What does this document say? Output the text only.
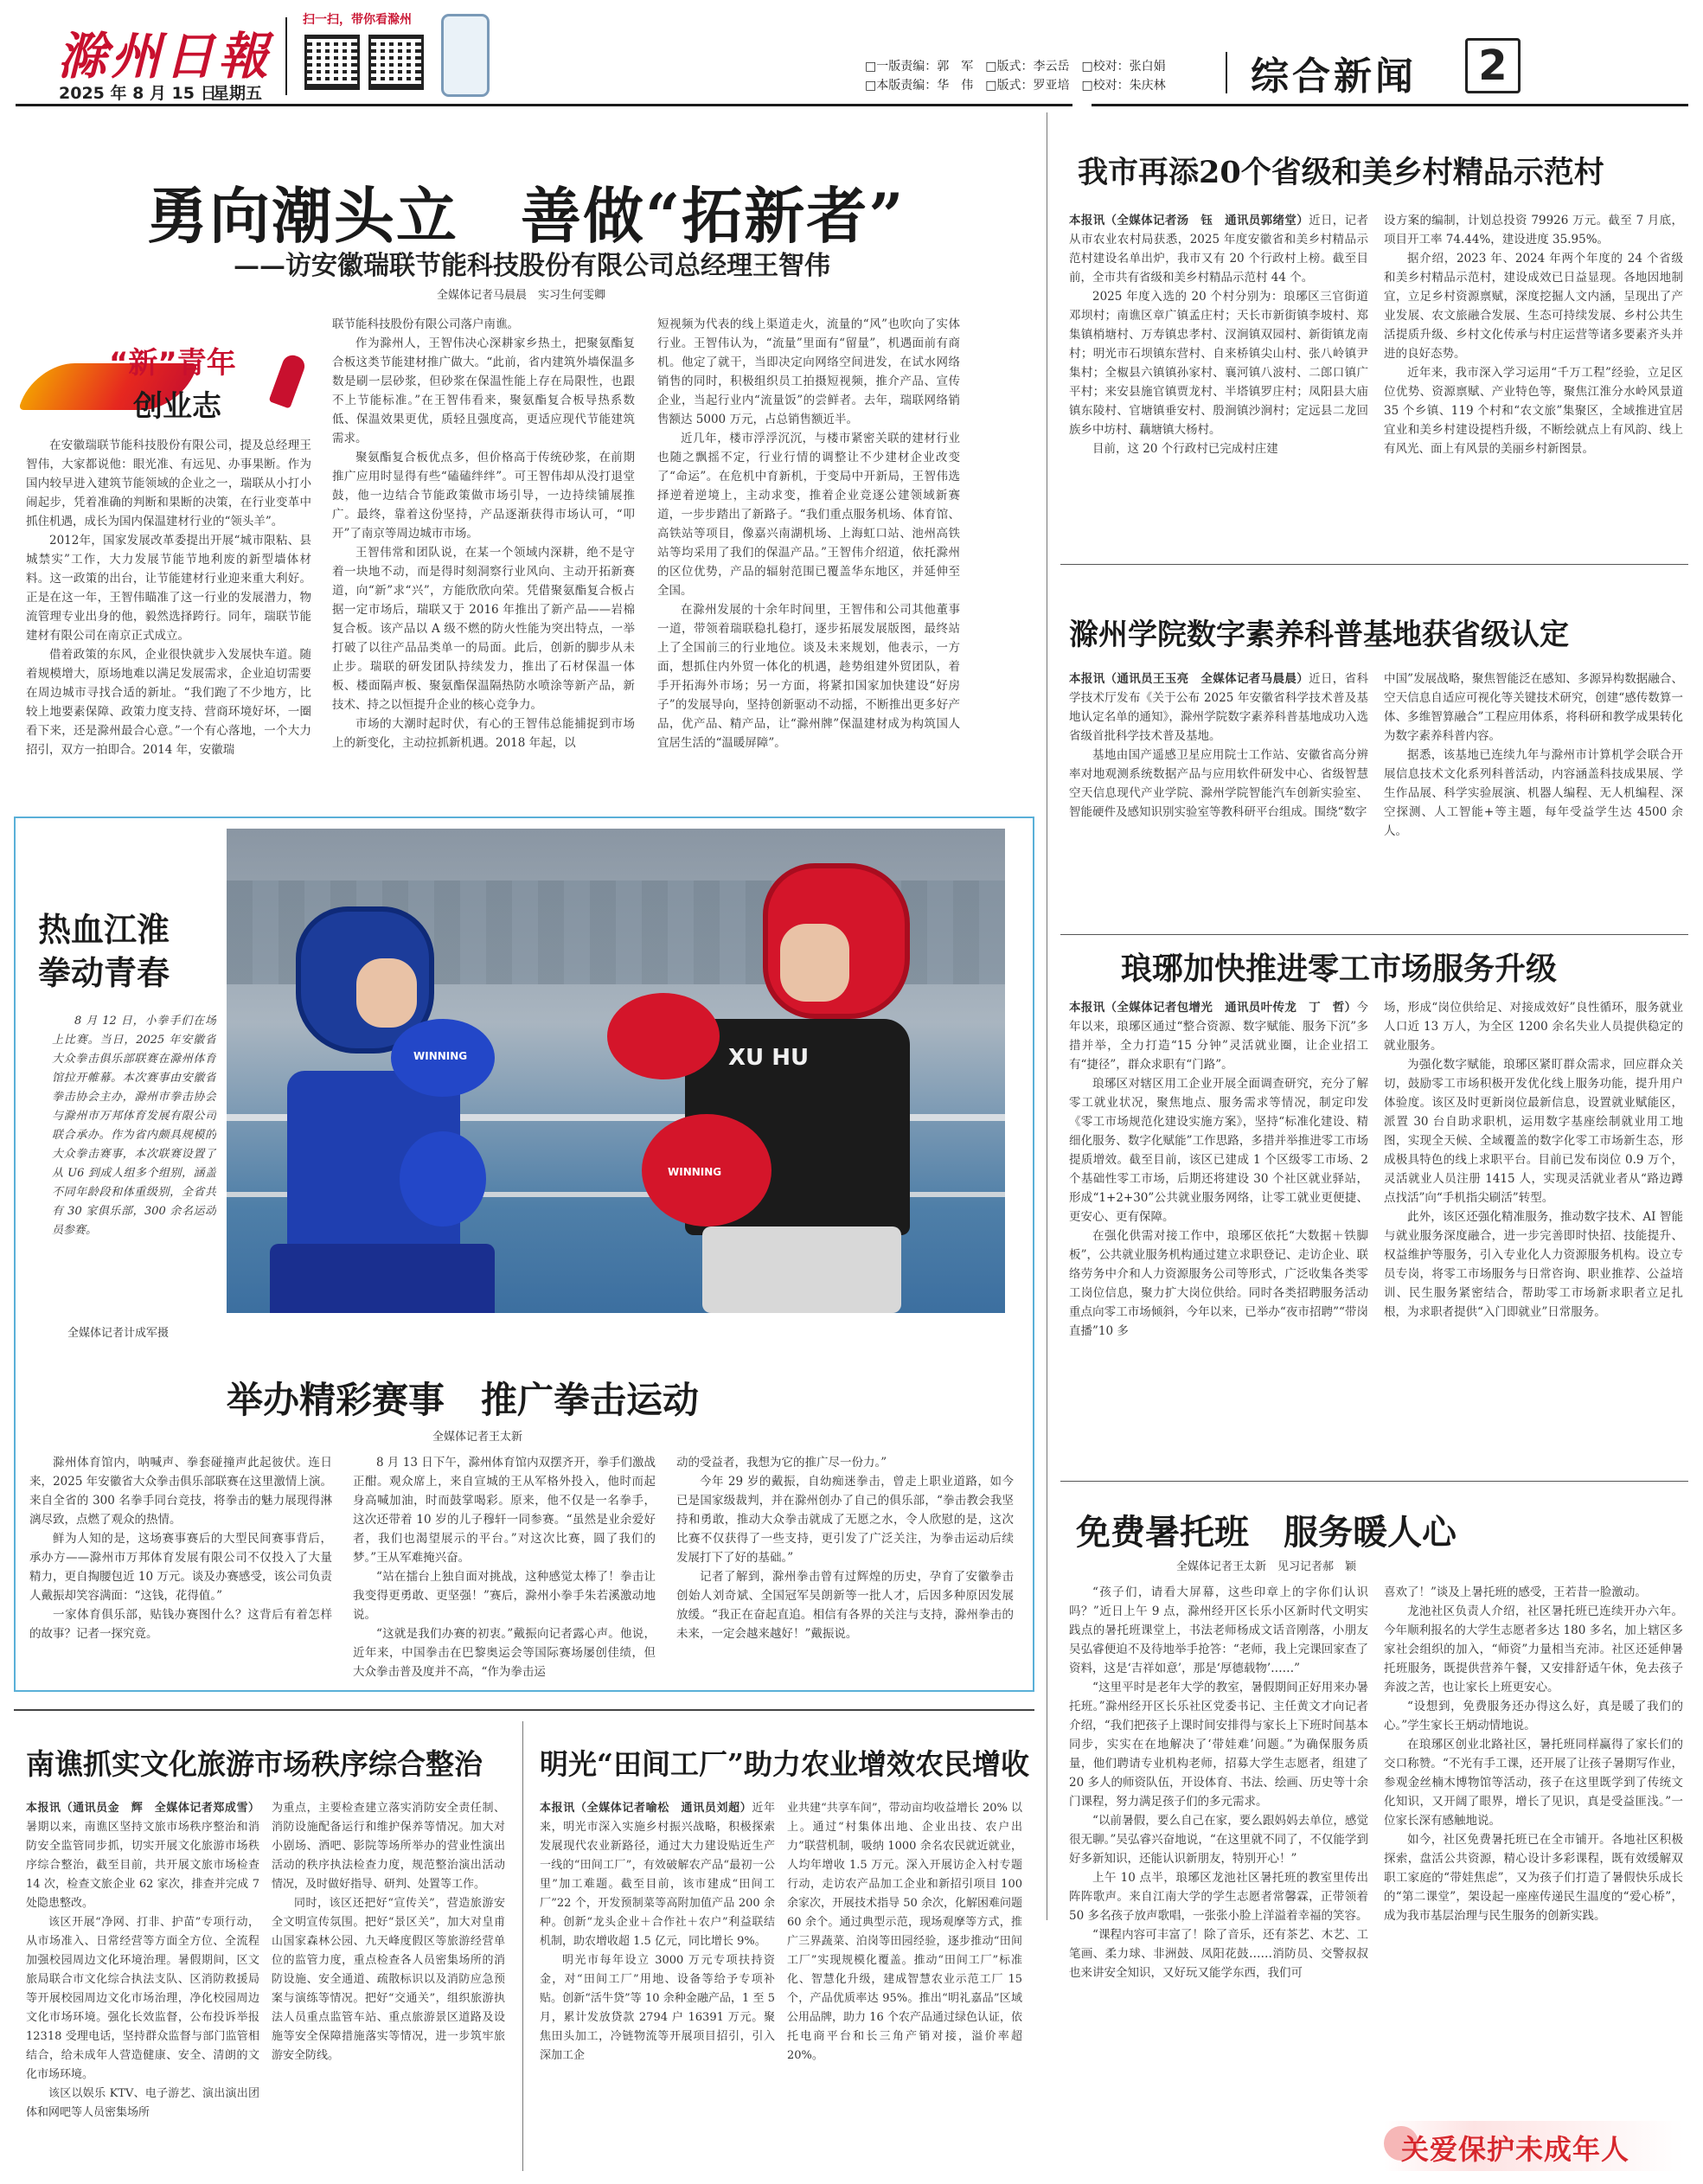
滁州日報
2025 年 8 月 15 日
星期五
扫一扫，带你看滁州
□一版责编：郭　军　□版式：李云岳　□校对：张白娟
□本版责编：华　伟　□版式：罗亚培　□校对：朱庆林 综合新闻	2
勇向潮头立　善做“拓新者”
——访安徽瑞联节能科技股份有限公司总经理王智伟
全媒体记者马晨晨　实习生何雯卿
“新”青年
创业志

在安徽瑞联节能科技股份有限公司，提及总经理王智伟，大家都说他：眼光准、有远见、办事果断。作为国内较早进入建筑节能领域的企业之一，瑞联从小打小闹起步，凭着准确的判断和果断的决策，在行业变革中抓住机遇，成长为国内保温建材行业的“领头羊”。

2012年，国家发展改革委提出开展“城市限粘、县城禁实”工作，大力发展节能节地利废的新型墙体材料。这一政策的出台，让节能建材行业迎来重大利好。正是在这一年，王智伟瞄准了这一行业的发展潜力，物流管理专业出身的他，毅然选择跨行。同年，瑞联节能建材有限公司在南京正式成立。

借着政策的东风，企业很快就步入发展快车道。随着规模增大，原场地难以满足发展需求，企业迫切需要在周边城市寻找合适的新址。“我们跑了不少地方，比较上地要素保障、政策力度支持、营商环境好坏，一圈看下来，还是滁州最合心意。”一个有心落地，一个大力招引，双方一拍即合。2014 年，安徽瑞

联节能科技股份有限公司落户南谯。

作为滁州人，王智伟决心深耕家乡热土，把聚氨酯复合板这类节能建材推广做大。“此前，省内建筑外墙保温多数是刷一层砂浆，但砂浆在保温性能上存在局限性，也跟不上节能标准。”在王智伟看来，聚氨酯复合板导热系数低、保温效果更优，质轻且强度高，更适应现代节能建筑需求。

聚氨酯复合板优点多，但价格高于传统砂浆，在前期推广应用时显得有些“磕磕绊绊”。可王智伟却从没打退堂鼓，他一边结合节能政策做市场引导，一边持续铺展推广。最终，靠着这份坚持，产品逐渐获得市场认可，“叩开”了南京等周边城市市场。

王智伟常和团队说，在某一个领域内深耕，绝不是守着一块地不动，而是得时刻洞察行业风向、主动开拓新赛道，向“新”求“兴”，方能欣欣向荣。凭借聚氨酯复合板占据一定市场后，瑞联又于 2016 年推出了新产品——岩棉复合板。该产品以 A 级不燃的防火性能为突出特点，一举打破了以往产品品类单一的局面。此后，创新的脚步从未止步。瑞联的研发团队持续发力，推出了石材保温一体板、楼面隔声板、聚氨酯保温隔热防水喷涂等新产品，新技术、持之以恒提升企业的核心竞争力。

市场的大潮时起时伏，有心的王智伟总能捕捉到市场上的新变化，主动拉抓新机遇。2018 年起，以

短视频为代表的线上渠道走火，流量的“风”也吹向了实体行业。王智伟认为，“流量”里面有“留量”，机遇面前有商机。他定了就干，当即决定向网络空间进发，在试水网络销售的同时，积极组织员工拍摄短视频，推介产品、宣传企业，当起行业内“流量饭”的尝鲜者。去年，瑞联网络销售额达 5000 万元，占总销售额近半。

近几年，楼市浮浮沉沉，与楼市紧密关联的建材行业也随之飘摇不定，行业行情的调整让不少建材企业改变了“命运”。在危机中育新机，于变局中开新局，王智伟选择逆着逆境上，主动求变，推着企业竞逐公建领域新赛道，一步步踏出了新路子。“我们重点服务机场、体育馆、高铁站等项目，像嘉兴南湖机场、上海虹口站、池州高铁站等均采用了我们的保温产品。”王智伟介绍道，依托滁州的区位优势，产品的辐射范围已覆盖华东地区，并延伸至全国。

在滁州发展的十余年时间里，王智伟和公司其他董事一道，带领着瑞联稳扎稳打，逐步拓展发展版图，最终站上了全国前三的行业地位。谈及未来规划，他表示，一方面，想抓住内外贸一体化的机遇，趁势组建外贸团队，着手开拓海外市场；另一方面，将紧扣国家加快建设“好房子”的发展导向，坚持创新驱动不动摇，不断推出更多好产品，优产品、精产品，让“滁州牌”保温建材成为构筑国人宜居生活的“温暖屏障”。

我市再添20个省级和美乡村精品示范村

本报讯（全媒体记者汤　钰　通讯员郭绪堂）近日，记者从市农业农村局获悉，2025 年度安徽省和美乡村精品示范村建设名单出炉，我市又有 20 个行政村上榜。截至目前，全市共有省级和美乡村精品示范村 44 个。

2025 年度入选的 20 个村分别为：琅琊区三官街道邓坝村；南谯区章广镇孟庄村；天长市新街镇李坡村、郑集镇梢塘村、万寿镇忠孝村、汊涧镇双园村、新街镇龙南村；明光市石坝镇东营村、自来桥镇尖山村、张八岭镇尹集村；全椒县六镇镇孙家村、襄河镇八波村、二郎口镇广平村；来安县施官镇贾龙村、半塔镇罗庄村；凤阳县大庙镇东陵村、官塘镇垂安村、殷涧镇沙涧村；定远县二龙回族乡中坊村、藕塘镇大杨村。

目前，这 20 个行政村已完成村庄建

设方案的编制，计划总投资 79926 万元。截至 7 月底，项目开工率 74.44%，建设进度 35.95%。

据介绍，2023 年、2024 年两个年度的 24 个省级和美乡村精品示范村，建设成效已日益显现。各地因地制宜，立足乡村资源禀赋，深度挖掘人文内涵，呈现出了产业发展、农文旅融合发展、生态可持续发展、乡村公共生活提质升级、乡村文化传承与村庄运营等诸多要素齐头并进的良好态势。

近年来，我市深入学习运用“千万工程”经验，立足区位优势、资源禀赋、产业特色等，聚焦江淮分水岭风景道 35 个乡镇、119 个村和“农文旅”集聚区，全域推进宜居宜业和美乡村建设提档升级，不断绘就点上有风韵、线上有风光、面上有风景的美丽乡村新图景。

滁州学院数字素养科普基地获省级认定

本报讯（通讯员王玉亮　全媒体记者马晨晨）近日，省科学技术厅发布《关于公布 2025 年安徽省科学技术普及基地认定名单的通知》，滁州学院数字素养科普基地成功入选省级首批科学技术普及基地。

基地由国产遥感卫星应用院士工作站、安徽省高分辨率对地观测系统数据产品与应用软件研发中心、省级智慧空天信息现代产业学院、滁州学院智能汽车创新实验室、智能硬件及感知识别实验室等教科研平台组成。围绕“数字

中国”发展战略，聚焦智能泛在感知、多源异构数据融合、空天信息自适应可视化等关键技术研究，创建“感传数算一体、多维智算融合”工程应用体系，将科研和教学成果转化为数字素养科普内容。

据悉，该基地已连续九年与滁州市计算机学会联合开展信息技术文化系列科普活动，内容涵盖科技成果展、学生作品展、科学实验展演、机器人编程、无人机编程、深空探测、人工智能+等主题，每年受益学生达 4500 余人。

琅琊加快推进零工市场服务升级

本报讯（全媒体记者包增光　通讯员叶传龙　丁　哲）今年以来，琅琊区通过“整合资源、数字赋能、服务下沉”多措并举，全力打造“15 分钟”灵活就业圈，让企业招工有“捷径”，群众求职有“门路”。

琅琊区对辖区用工企业开展全面调查研究，充分了解零工就业状况，聚焦地点、服务需求等情况，制定印发《零工市场规范化建设实施方案》，坚持“标准化建设、精细化服务、数字化赋能”工作思路，多措并举推进零工市场提质增效。截至目前，该区已建成 1 个区级零工市场、2 个基础性零工市场，后期还将建设 30 个社区就业驿站，形成“1+2+30”公共就业服务网络，让零工就业更便捷、更安心、更有保障。

在强化供需对接工作中，琅琊区依托“大数据＋铁脚板”，公共就业服务机构通过建立求职登记、走访企业、联络劳务中介和人力资源服务公司等形式，广泛收集各类零工岗位信息，聚力扩大岗位供给。同时各类招聘服务活动重点向零工市场倾斜，今年以来，已举办“夜市招聘”“带岗直播”10 多

场，形成“岗位供给足、对接成效好”良性循环，服务就业人口近 13 万人，为全区 1200 余名失业人员提供稳定的就业服务。

为强化数字赋能，琅琊区紧盯群众需求，回应群众关切，鼓励零工市场积极开发优化线上服务功能，提升用户体验度。该区及时更新岗位最新信息，设置就业赋能区，派置 30 台自助求职机，运用数字基座绘制就业用工地图，实现全天候、全域覆盖的数字化零工市场新生态，形成极具特色的线上求职平台。目前已发布岗位 0.9 万个，灵活就业人员注册 1415 人，实现灵活就业者从“路边蹲点找活”向“手机指尖刷活”转型。

此外，该区还强化精准服务，推动数字技术、AI 智能与就业服务深度融合，进一步完善即时快招、技能提升、权益维护等服务，引入专业化人力资源服务机构。设立专员专岗，将零工市场服务与日常咨询、职业推荐、公益培训、民生服务紧密结合，帮助零工市场新求职者立足扎根，为求职者提供“入门即就业”日常服务。

热血江淮　拳动青春

8 月 12 日，小拳手们在场上比赛。当日，2025 年安徽省大众拳击俱乐部联赛在滁州体育馆拉开帷幕。本次赛事由安徽省拳击协会主办，滁州市拳击协会与滁州市万邦体育发展有限公司联合承办。作为省内颇具规模的大众拳击赛事，本次联赛设置了从 U6 到成人组多个组别，涵盖不同年龄段和体重级别，全省共有 30 家俱乐部，300 余名运动员参赛。

全媒体记者计成军摄
WINNING	XU HU
WINNING
举办精彩赛事　推广拳击运动
全媒体记者王太新

滁州体育馆内，呐喊声、拳套碰撞声此起彼伏。连日来，2025 年安徽省大众拳击俱乐部联赛在这里激情上演。来自全省的 300 名拳手同台竞技，将拳击的魅力展现得淋漓尽致，点燃了观众的热情。

鲜为人知的是，这场赛事赛后的大型民间赛事背后，承办方——滁州市万邦体育发展有限公司不仅投入了大量精力，更自掏腰包近 10 万元。谈及办赛感受，该公司负责人戴振却笑容满面：“这钱，花得值。”

一家体育俱乐部，贴钱办赛图什么？这背后有着怎样的故事？记者一探究竟。

8 月 13 日下午，滁州体育馆内双摆齐开，拳手们激战正酣。观众席上，来自宣城的王从军格外投入，他时而起身高喊加油，时而鼓掌喝彩。原来，他不仅是一名拳手，这次还带着 10 岁的儿子穆轩一同参赛。“虽然是业余爱好者，我们也渴望展示的平台。”对这次比赛，圆了我们的梦。”王从军难掩兴奋。

“站在擂台上独自面对挑战，这种感觉太棒了！拳击让我变得更勇敢、更坚强！”赛后，滁州小拳手朱若溪激动地说。

“这就是我们办赛的初衷。”戴振向记者露心声。他说，近年来，中国拳击在巴黎奥运会等国际赛场屡创佳绩，但大众拳击普及度并不高，“作为拳击运

动的受益者，我想为它的推广尽一份力。”

今年 29 岁的戴振，自幼痴迷拳击，曾走上职业道路，如今已是国家级裁判，并在滁州创办了自己的俱乐部，“拳击教会我坚持和勇敢，推动大众拳击就成了无愿之水，令人欣慰的是，这次比赛不仅获得了一些支持，更引发了广泛关注，为拳击运动后续发展打下了好的基础。”

记者了解到，滁州拳击曾有过辉煌的历史，孕育了安徽拳击创始人刘奇斌、全国冠军吴朗新等一批人才，后因多种原因发展放缓。“我正在奋起直追。相信有各界的关注与支持，滁州拳击的未来，一定会越来越好！”戴振说。

免费暑托班　服务暖人心
全媒体记者王太新　见习记者郝　颖

“孩子们，请看大屏幕，这些印章上的字你们认识吗？”近日上午 9 点，滁州经开区长乐小区新时代文明实践点的暑托班课堂上，书法老师杨成文话音刚落，小朋友吴弘睿便迫不及待地举手抢答：“老师，我上完课回家查了资料，这是‘吉祥如意’，那是‘厚德载物’……”

“这里平时是老年大学的教室，暑假期间正好用来办暑托班。”滁州经开区长乐社区党委书记、主任黄文才向记者介绍，“我们把孩子上课时间安排得与家长上下班时间基本同步，实实在在地解决了‘带娃难’问题。”为确保服务质量，他们聘请专业机构老师，招募大学生志愿者，组建了 20 多人的师资队伍，开设体育、书法、绘画、历史等十余门课程，努力满足孩子们的多元需求。

“以前暑假，要么自己在家，要么跟妈妈去单位，感觉很无聊。”吴弘睿兴奋地说，“在这里就不同了，不仅能学到好多新知识，还能认识新朋友，特别开心！”

上午 10 点半，琅琊区龙池社区暑托班的教室里传出阵阵歌声。来自江南大学的学生志愿者常馨霖，正带领着 50 多名孩子放声歌唱，一张张小脸上洋溢着幸福的笑容。

“课程内容可丰富了！除了音乐，还有茶艺、木艺、工笔画、柔力球、非洲鼓、凤阳花鼓……消防员、交警叔叔也来讲安全知识，又好玩又能学东西，我们可

喜欢了！”谈及上暑托班的感受，王若昔一脸激动。

龙池社区负责人介绍，社区暑托班已连续开办六年。今年顺利报名的大学生志愿者多达 180 多名，加上辖区多家社会组织的加入，“师资”力量相当充沛。社区还延伸暑托班服务，既提供营养午餐，又安排舒适午休，免去孩子奔波之苦，也让家长上班更安心。

“设想到，免费服务还办得这么好，真是暖了我们的心。”学生家长王炳动情地说。

在琅琊区创业北路社区，暑托班同样赢得了家长们的交口称赞。“不光有手工课，还开展了让孩子暑期写作业，参观金丝楠木博物馆等活动，孩子在这里既学到了传统文化知识，又开阔了眼界，增长了见识，真是受益匪浅。”一位家长深有感触地说。

如今，社区免费暑托班已在全市铺开。各地社区积极探索，盘活公共资源，精心设计多彩课程，既有效缓解双职工家庭的“带娃焦虑”，又为孩子们打造了暑假快乐成长的“第二课堂”，架设起一座座传递民生温度的“爱心桥”，成为我市基层治理与民生服务的创新实践。

关爱保护未成年人
南谯抓实文化旅游市场秩序综合整治

本报讯（通讯员金　辉　全媒体记者郑成雪）暑期以来，南谯区坚持文旅市场秩序整治和消防安全监管同步抓，切实开展文化旅游市场秩序综合整治，截至目前，共开展文旅市场检查 14 次，检查文旅企业 62 家次，排查并完成 7 处隐患整改。

该区开展“净网、打非、护苗”专项行动，从市场准入、日常经营等方面全方位、全流程加强校园周边文化环境治理。暑假期间，区文旅局联合市文化综合执法支队、区消防救援局等开展校园周边文化市场治理，净化校园周边文化市场环境。强化长效监督，公布投诉举报 12318 受理电话，坚持群众监督与部门监管相结合，给未成年人营造健康、安全、清朗的文化市场环境。

该区以娱乐 KTV、电子游艺、演出演出团体和网吧等人员密集场所

为重点，主要检查建立落实消防安全责任制、消防设施配备运行和维护保养等情况。加大对小剧场、酒吧、影院等场所举办的营业性演出活动的秩序执法检查力度，规范整治演出活动情况，及时做好指导、研判、处置等工作。

同时，该区还把好“宣传关”，营造旅游安全文明宣传氛围。把好“景区关”，加大对皇甫山国家森林公园、九天峰度假区等旅游经营单位的监管力度，重点检查各人员密集场所的消防设施、安全通道、疏散标识以及消防应急预案与演练等情况。把好“交通关”，组织旅游执法人员重点监管车站、重点旅游景区道路及设施等安全保障措施落实等情况，进一步筑牢旅游安全防线。

明光“田间工厂”助力农业增效农民增收

本报讯（全媒体记者喻松　通讯员刘超）近年来，明光市深入实施乡村振兴战略，积极探索发展现代农业新路径，通过大力建设贴近生产一线的“田间工厂”，有效破解农产品“最初一公里”加工难题。截至目前，该市建成“田间工厂”22 个，开发预制菜等高附加值产品 200 余种。创新“龙头企业＋合作社＋农户”利益联结机制，助农增收超 1.5 亿元，同比增长 9%。

明光市每年设立 3000 万元专项扶持资金，对“田间工厂”用地、设备等给予专项补贴。创新“活牛贷”等 10 余种金融产品，1 至 5 月，累计发放贷款 2794 户 16391 万元。聚焦田头加工，冷链物流等开展项目招引，引入深加工企

业共建“共享车间”，带动亩均收益增长 20% 以上。通过“村集体出地、企业出技、农户出力”联营机制，吸纳 1000 余名农民就近就业，人均年增收 1.5 万元。深入开展访企入村专题行动，走访农产品加工企业和新招引项目 100 余家次，开展技术指导 50 余次，化解困难问题 60 余个。通过典型示范，现场观摩等方式，推广三界蔬菜、泊岗等田园经验，逐步推动“田间工厂”实现规模化覆盖。推动“田间工厂”标准化、智慧化升级，建成智慧农业示范工厂 15 个，产品优质率达 95%。推出“明礼嘉品”区域公用品牌，助力 16 个农产品通过绿色认证，依托电商平台和长三角产销对接，溢价率超 20%。
